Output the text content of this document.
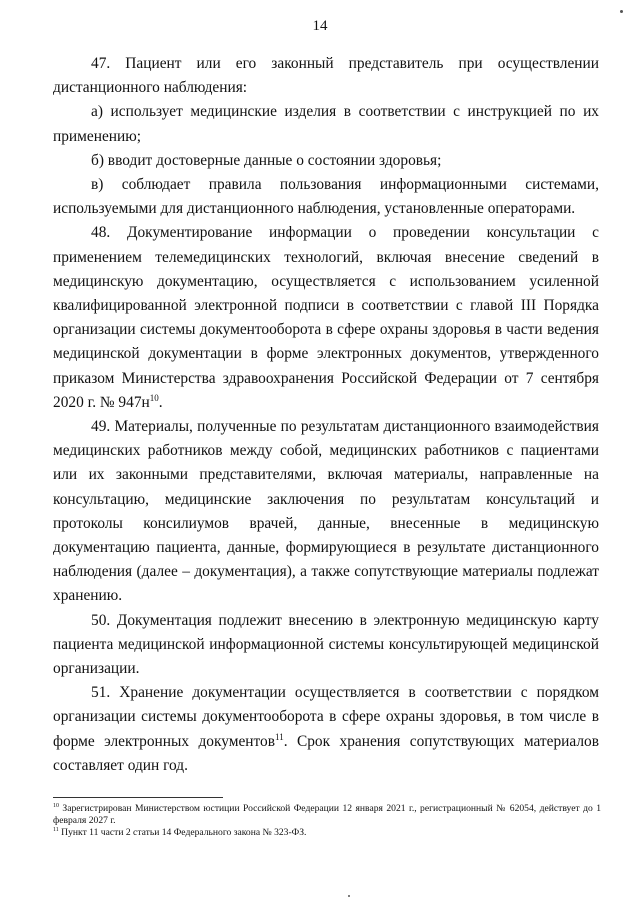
14

47. Пациент или его законный представитель при осуществлении дистанционного наблюдения:

а) использует медицинские изделия в соответствии с инструкцией по их применению;

б) вводит достоверные данные о состоянии здоровья;

в) соблюдает правила пользования информационными системами, используемыми для дистанционного наблюдения, установленные операторами.

48. Документирование информации о проведении консультации с применением телемедицинских технологий, включая внесение сведений в медицинскую документацию, осуществляется с использованием усиленной квалифицированной электронной подписи в соответствии с главой III Порядка организации системы документооборота в сфере охраны здоровья в части ведения медицинской документации в форме электронных документов, утвержденного приказом Министерства здравоохранения Российской Федерации от 7 сентября 2020 г. № $947н^{10}$.

49. Материалы, полученные по результатам дистанционного взаимодействия медицинских работников между собой, медицинских работников с пациентами или их законными представителями, включая материалы, направленные на консультацию, медицинские заключения по результатам консультаций и протоколы консилиумов врачей, данные, внесенные в медицинскую документацию пациента, данные, формирующиеся в результате дистанционного наблюдения (далее – документация), а также сопутствующие материалы подлежат хранению.

50. Документация подлежит внесению в электронную медицинскую карту пациента медицинской информационной системы консультирующей медицинской организации.

51. Хранение документации осуществляется в соответствии с порядком организации системы документооборота в сфере охраны здоровья, в том числе в форме электронных документов$^{11}$. Срок хранения сопутствующих материалов составляет один год.

$^{10}$ Зарегистрирован Министерством юстиции Российской Федерации 12 января 2021 г., регистрационный № 62054, действует до 1 февраля 2027 г.

$^{11}$ Пункт 11 части 2 статьи 14 Федерального закона № 323-ФЗ.
